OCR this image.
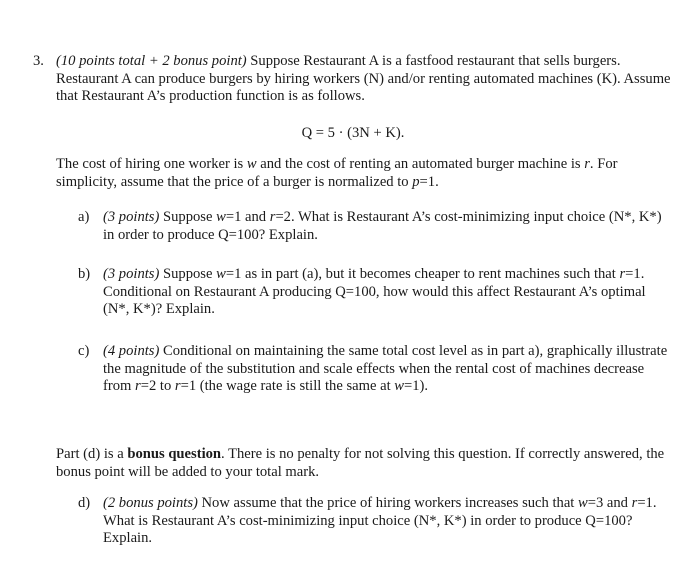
3. (10 points total + 2 bonus point) Suppose Restaurant A is a fastfood restaurant that sells burgers. Restaurant A can produce burgers by hiring workers (N) and/or renting automated machines (K). Assume that Restaurant A’s production function is as follows.

Q = 5 · (3N + K).

The cost of hiring one worker is w and the cost of renting an automated burger machine is r. For simplicity, assume that the price of a burger is normalized to p=1.

a) (3 points) Suppose w=1 and r=2. What is Restaurant A’s cost-minimizing input choice (N*, K*) in order to produce Q=100? Explain.

b) (3 points) Suppose w=1 as in part (a), but it becomes cheaper to rent machines such that r=1. Conditional on Restaurant A producing Q=100, how would this affect Restaurant A’s optimal (N*, K*)? Explain.

c) (4 points) Conditional on maintaining the same total cost level as in part a), graphically illustrate the magnitude of the substitution and scale effects when the rental cost of machines decrease from r=2 to r=1 (the wage rate is still the same at w=1).

Part (d) is a bonus question. There is no penalty for not solving this question. If correctly answered, the bonus point will be added to your total mark.

d) (2 bonus points) Now assume that the price of hiring workers increases such that w=3 and r=1. What is Restaurant A’s cost-minimizing input choice (N*, K*) in order to produce Q=100? Explain.
